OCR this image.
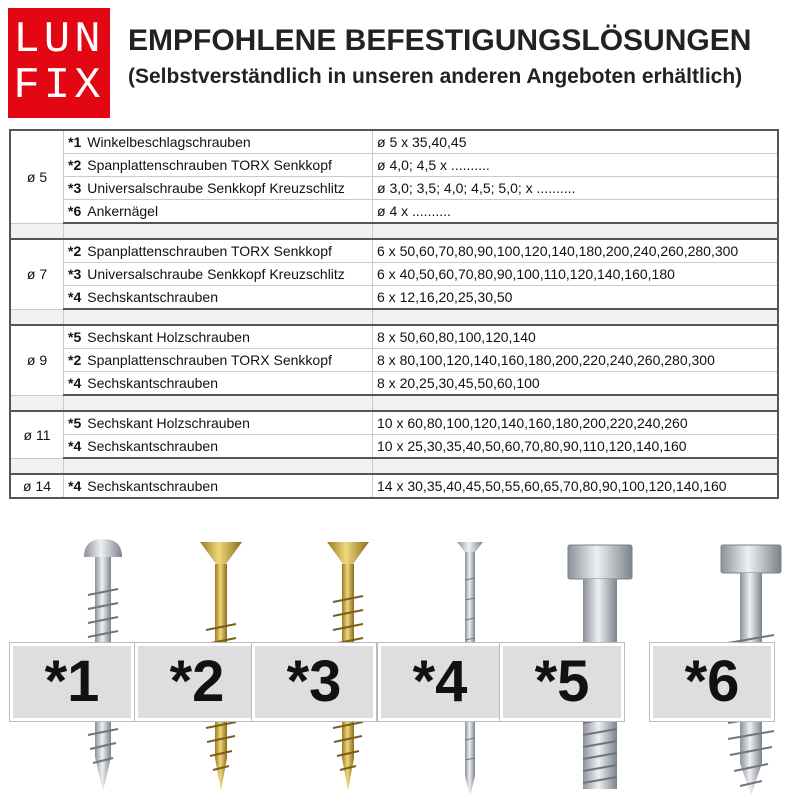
LUN
FIX
EMPFOHLENE BEFESTIGUNGSLÖSUNGEN
(Selbstverständlich in unseren anderen Angeboten erhältlich)
ø 5	*1 Winkelbeschlagschrauben	ø 5 x 35,40,45
	*2 Spanplattenschrauben TORX Senkkopf	ø 4,0; 4,5 x ..........
	*3 Universalschraube Senkkopf Kreuzschlitz	ø 3,0; 3,5; 4,0; 4,5; 5,0; x ..........
	*6 Ankernägel	ø 4 x ..........

ø 7	*2 Spanplattenschrauben TORX Senkkopf	6 x 50,60,70,80,90,100,120,140,180,200,240,260,280,300
	*3 Universalschraube Senkkopf Kreuzschlitz	6 x 40,50,60,70,80,90,100,110,120,140,160,180
	*4 Sechskantschrauben	6 x 12,16,20,25,30,50

ø 9	*5 Sechskant Holzschrauben	8 x 50,60,80,100,120,140
	*2 Spanplattenschrauben TORX Senkkopf	8 x 80,100,120,140,160,180,200,220,240,260,280,300
	*4 Sechskantschrauben	8 x 20,25,30,45,50,60,100

ø 11	*5 Sechskant Holzschrauben	10 x 60,80,100,120,140,160,180,200,220,240,260
	*4 Sechskantschrauben	10 x 25,30,35,40,50,60,70,80,90,110,120,140,160

ø 14	*4 Sechskantschrauben	14 x 30,35,40,45,50,55,60,65,70,80,90,100,120,140,160
*1	*2	*3	*4	*5	*6
